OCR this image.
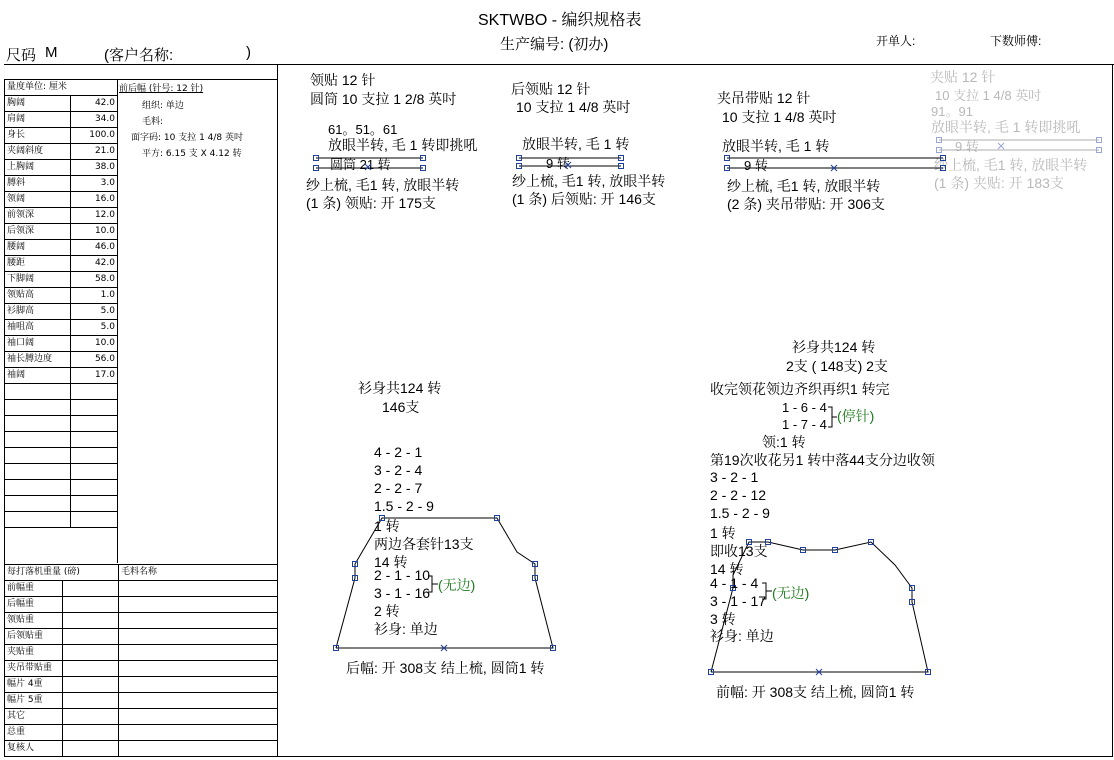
SKTWBO - 编织规格表
生产编号: (初办)
尺码 M	(客户名称:	)
开单人:	下数师傅:
量度单位: 厘米	
胸阔	42.0
肩阔	34.0
身长	100.0
夹阔斜度	21.0
上胸阔	38.0
膊斜	3.0
领阔	16.0
前领深	12.0
后领深	10.0
腰阔	46.0
腰距	42.0
下脚阔	58.0
领贴高	1.0
衫脚高	5.0
袖咀高	5.0
袖口阔	10.0
袖长膊边度	56.0
袖阔	17.0

前后幅 (针号: 12 针)
组织: 单边
毛料:
面字码: 10 支拉 1 4/8 英吋
平方: 6.15 支 X 4.12 转
每打落机重量 (磅)		毛料名称
前幅重		
后幅重		
领贴重		
后领贴重		
夹贴重		
夹吊带贴重		
幅片 4重		
幅片 5重		
其它		
总重		
复核人		
领贴 12 针
圆筒 10 支拉 1 2/8 英吋
61。51。61
放眼半转, 毛 1 转即挑吼
圆筒 21 转
纱上梳, 毛1 转, 放眼半转
(1 条) 领贴: 开 175支
后领贴 12 针
10 支拉 1 4/8 英吋
放眼半转, 毛 1 转
9 转
纱上梳, 毛1 转, 放眼半转
(1 条) 后领贴: 开 146支
夹吊带贴 12 针
10 支拉 1 4/8 英吋
放眼半转, 毛 1 转
9 转
纱上梳, 毛1 转, 放眼半转
(2 条) 夹吊带贴: 开 306支
夹贴 12 针
10 支拉 1 4/8 英吋
91。91
放眼半转, 毛 1 转即挑吼
9 转
纱上梳, 毛1 转, 放眼半转
(1 条) 夹贴: 开 183支
衫身共124 转
146支
4 - 2 - 1
3 - 2 - 4
2 - 2 - 7
1.5 - 2 - 9
1 转
两边各套针13支
14 转
2 - 1 - 10
3 - 1 - 16 (无边)
2 转
衫身: 单边
后幅: 开 308支 结上梳, 圆筒1 转
衫身共124 转
2支 ( 148支) 2支
收完领花领边齐织再织1 转完
1 - 6 - 4
1 - 7 - 4
(停针)
领:1 转
第19次收花另1 转中落44支分边收领
3 - 2 - 1
2 - 2 - 12
1.5 - 2 - 9
1 转
即收13支
14 转
4 - 1 - 4
3 - 1 - 17 (无边)
3 转
衫身: 单边
前幅: 开 308支 结上梳, 圆筒1 转
